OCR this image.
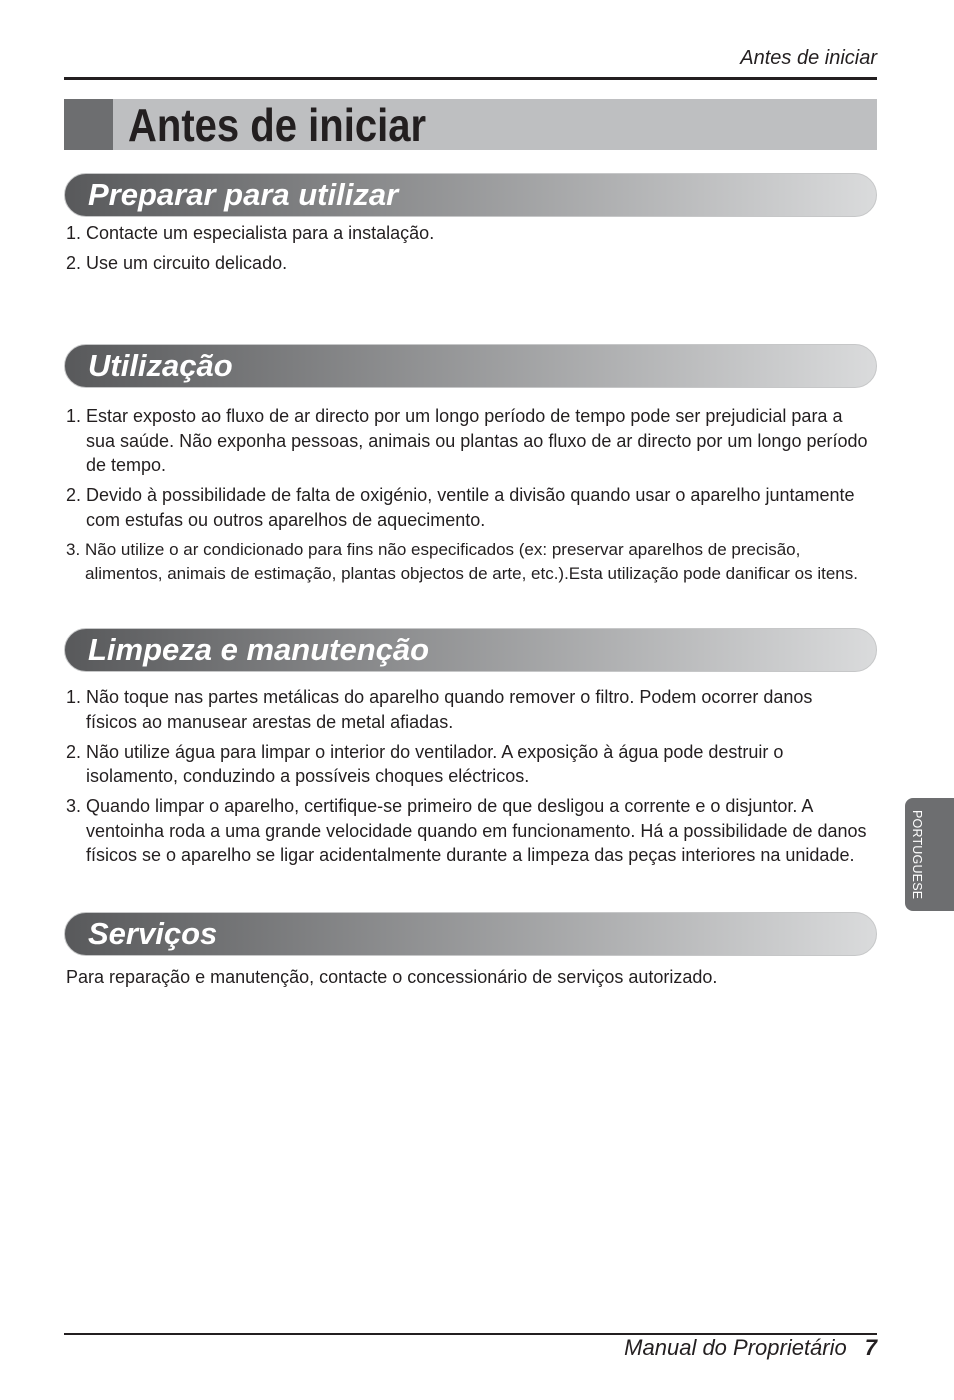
Antes de iniciar
Antes de iniciar
Preparar para utilizar
1. Contacte um especialista para a instalação.
2. Use um circuito delicado.
Utilização
1. Estar exposto ao fluxo de ar directo por um longo período de tempo pode ser prejudicial para a
sua saúde. Não exponha pessoas, animais ou plantas ao fluxo de ar directo por um longo período
de tempo.
2. Devido à possibilidade de falta de oxigénio, ventile a divisão quando usar o aparelho juntamente
com estufas ou outros aparelhos de aquecimento.
3. Não utilize o ar condicionado para fins não especificados (ex: preservar aparelhos de precisão,
alimentos, animais de estimação, plantas objectos de arte, etc.).Esta utilização pode danificar os itens.
Limpeza e manutenção
1. Não toque nas partes metálicas do aparelho quando remover o filtro. Podem ocorrer danos
físicos ao manusear arestas de metal afiadas.
2. Não utilize água para limpar o interior do ventilador. A exposição à água pode destruir o
isolamento, conduzindo a possíveis choques eléctricos.
3. Quando limpar o aparelho, certifique-se primeiro de que desligou a corrente e o disjuntor. A
ventoinha roda a uma grande velocidade quando em funcionamento. Há a possibilidade de danos
físicos se o aparelho se ligar acidentalmente durante a limpeza das peças interiores na unidade.
Serviços
Para reparação e manutenção, contacte o concessionário de serviços autorizado.
PORTUGUESE
Manual do Proprietário 7
